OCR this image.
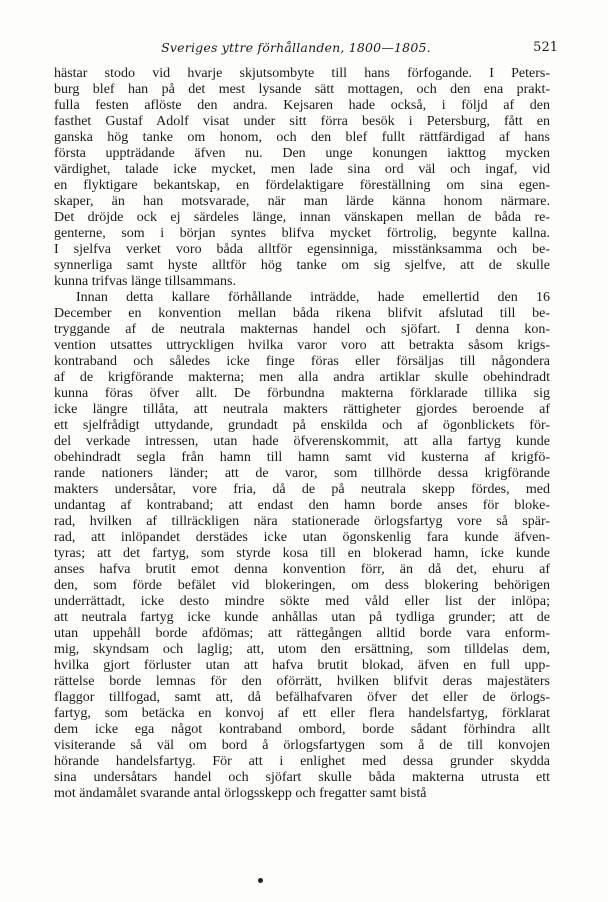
Sveriges yttre förhållanden, 1800—1805.	521
hästar stodo vid hvarje skjutsombyte till hans förfogande. I Peters-
burg blef han på det mest lysande sätt mottagen, och den ena prakt-
fulla festen aflöste den andra. Kejsaren hade också, i följd af den
fasthet Gustaf Adolf visat under sitt förra besök i Petersburg, fått en
ganska hög tanke om honom, och den blef fullt rättfärdigad af hans
första uppträdande äfven nu. Den unge konungen iakttog mycken
värdighet, talade icke mycket, men lade sina ord väl och ingaf, vid
en flyktigare bekantskap, en fördelaktigare föreställning om sina egen-
skaper, än han motsvarade, när man lärde känna honom närmare.
Det dröjde ock ej särdeles länge, innan vänskapen mellan de båda re-
genterne, som i början syntes blifva mycket förtrolig, begynte kallna.
I sjelfva verket voro båda alltför egensinniga, misstänksamma och be-
synnerliga samt hyste alltför hög tanke om sig sjelfve, att de skulle
kunna trifvas länge tillsammans.
Innan detta kallare förhållande inträdde, hade emellertid den 16
December en konvention mellan båda rikena blifvit afslutad till be-
tryggande af de neutrala makternas handel och sjöfart. I denna kon-
vention utsattes uttryckligen hvilka varor voro att betrakta såsom krigs-
kontraband och således icke finge föras eller försäljas till någondera
af de krigförande makterna; men alla andra artiklar skulle obehindradt
kunna föras öfver allt. De förbundna makterna förklarade tillika sig
icke längre tillåta, att neutrala makters rättigheter gjordes beroende af
ett sjelfrådigt uttydande, grundadt på enskilda och af ögonblickets för-
del verkade intressen, utan hade öfverenskommit, att alla fartyg kunde
obehindradt segla från hamn till hamn samt vid kusterna af krigfö-
rande nationers länder; att de varor, som tillhörde dessa krigförande
makters undersåtar, vore fria, då de på neutrala skepp fördes, med
undantag af kontraband; att endast den hamn borde anses för bloke-
rad, hvilken af tillräckligen nära stationerade örlogsfartyg vore så spär-
rad, att inlöpandet derstädes icke utan ögonskenlig fara kunde äfven-
tyras; att det fartyg, som styrde kosa till en blokerad hamn, icke kunde
anses hafva brutit emot denna konvention förr, än då det, ehuru af
den, som förde befälet vid blokeringen, om dess blokering behörigen
underrättadt, icke desto mindre sökte med våld eller list der inlöpa;
att neutrala fartyg icke kunde anhållas utan på tydliga grunder; att de
utan uppehåll borde afdömas; att rättegången alltid borde vara enform-
mig, skyndsam och laglig; att, utom den ersättning, som tilldelas dem,
hvilka gjort förluster utan att hafva brutit blokad, äfven en full upp-
rättelse borde lemnas för den oförrätt, hvilken blifvit deras majestäters
flaggor tillfogad, samt att, då befälhafvaren öfver det eller de örlogs-
fartyg, som betäcka en konvoj af ett eller flera handelsfartyg, förklarat
dem icke ega något kontraband ombord, borde sådant förhindra allt
visiterande så väl om bord å örlogsfartygen som å de till konvojen
hörande handelsfartyg. För att i enlighet med dessa grunder skydda
sina undersåtars handel och sjöfart skulle båda makterna utrusta ett
mot ändamålet svarande antal örlogsskepp och fregatter samt bistå
